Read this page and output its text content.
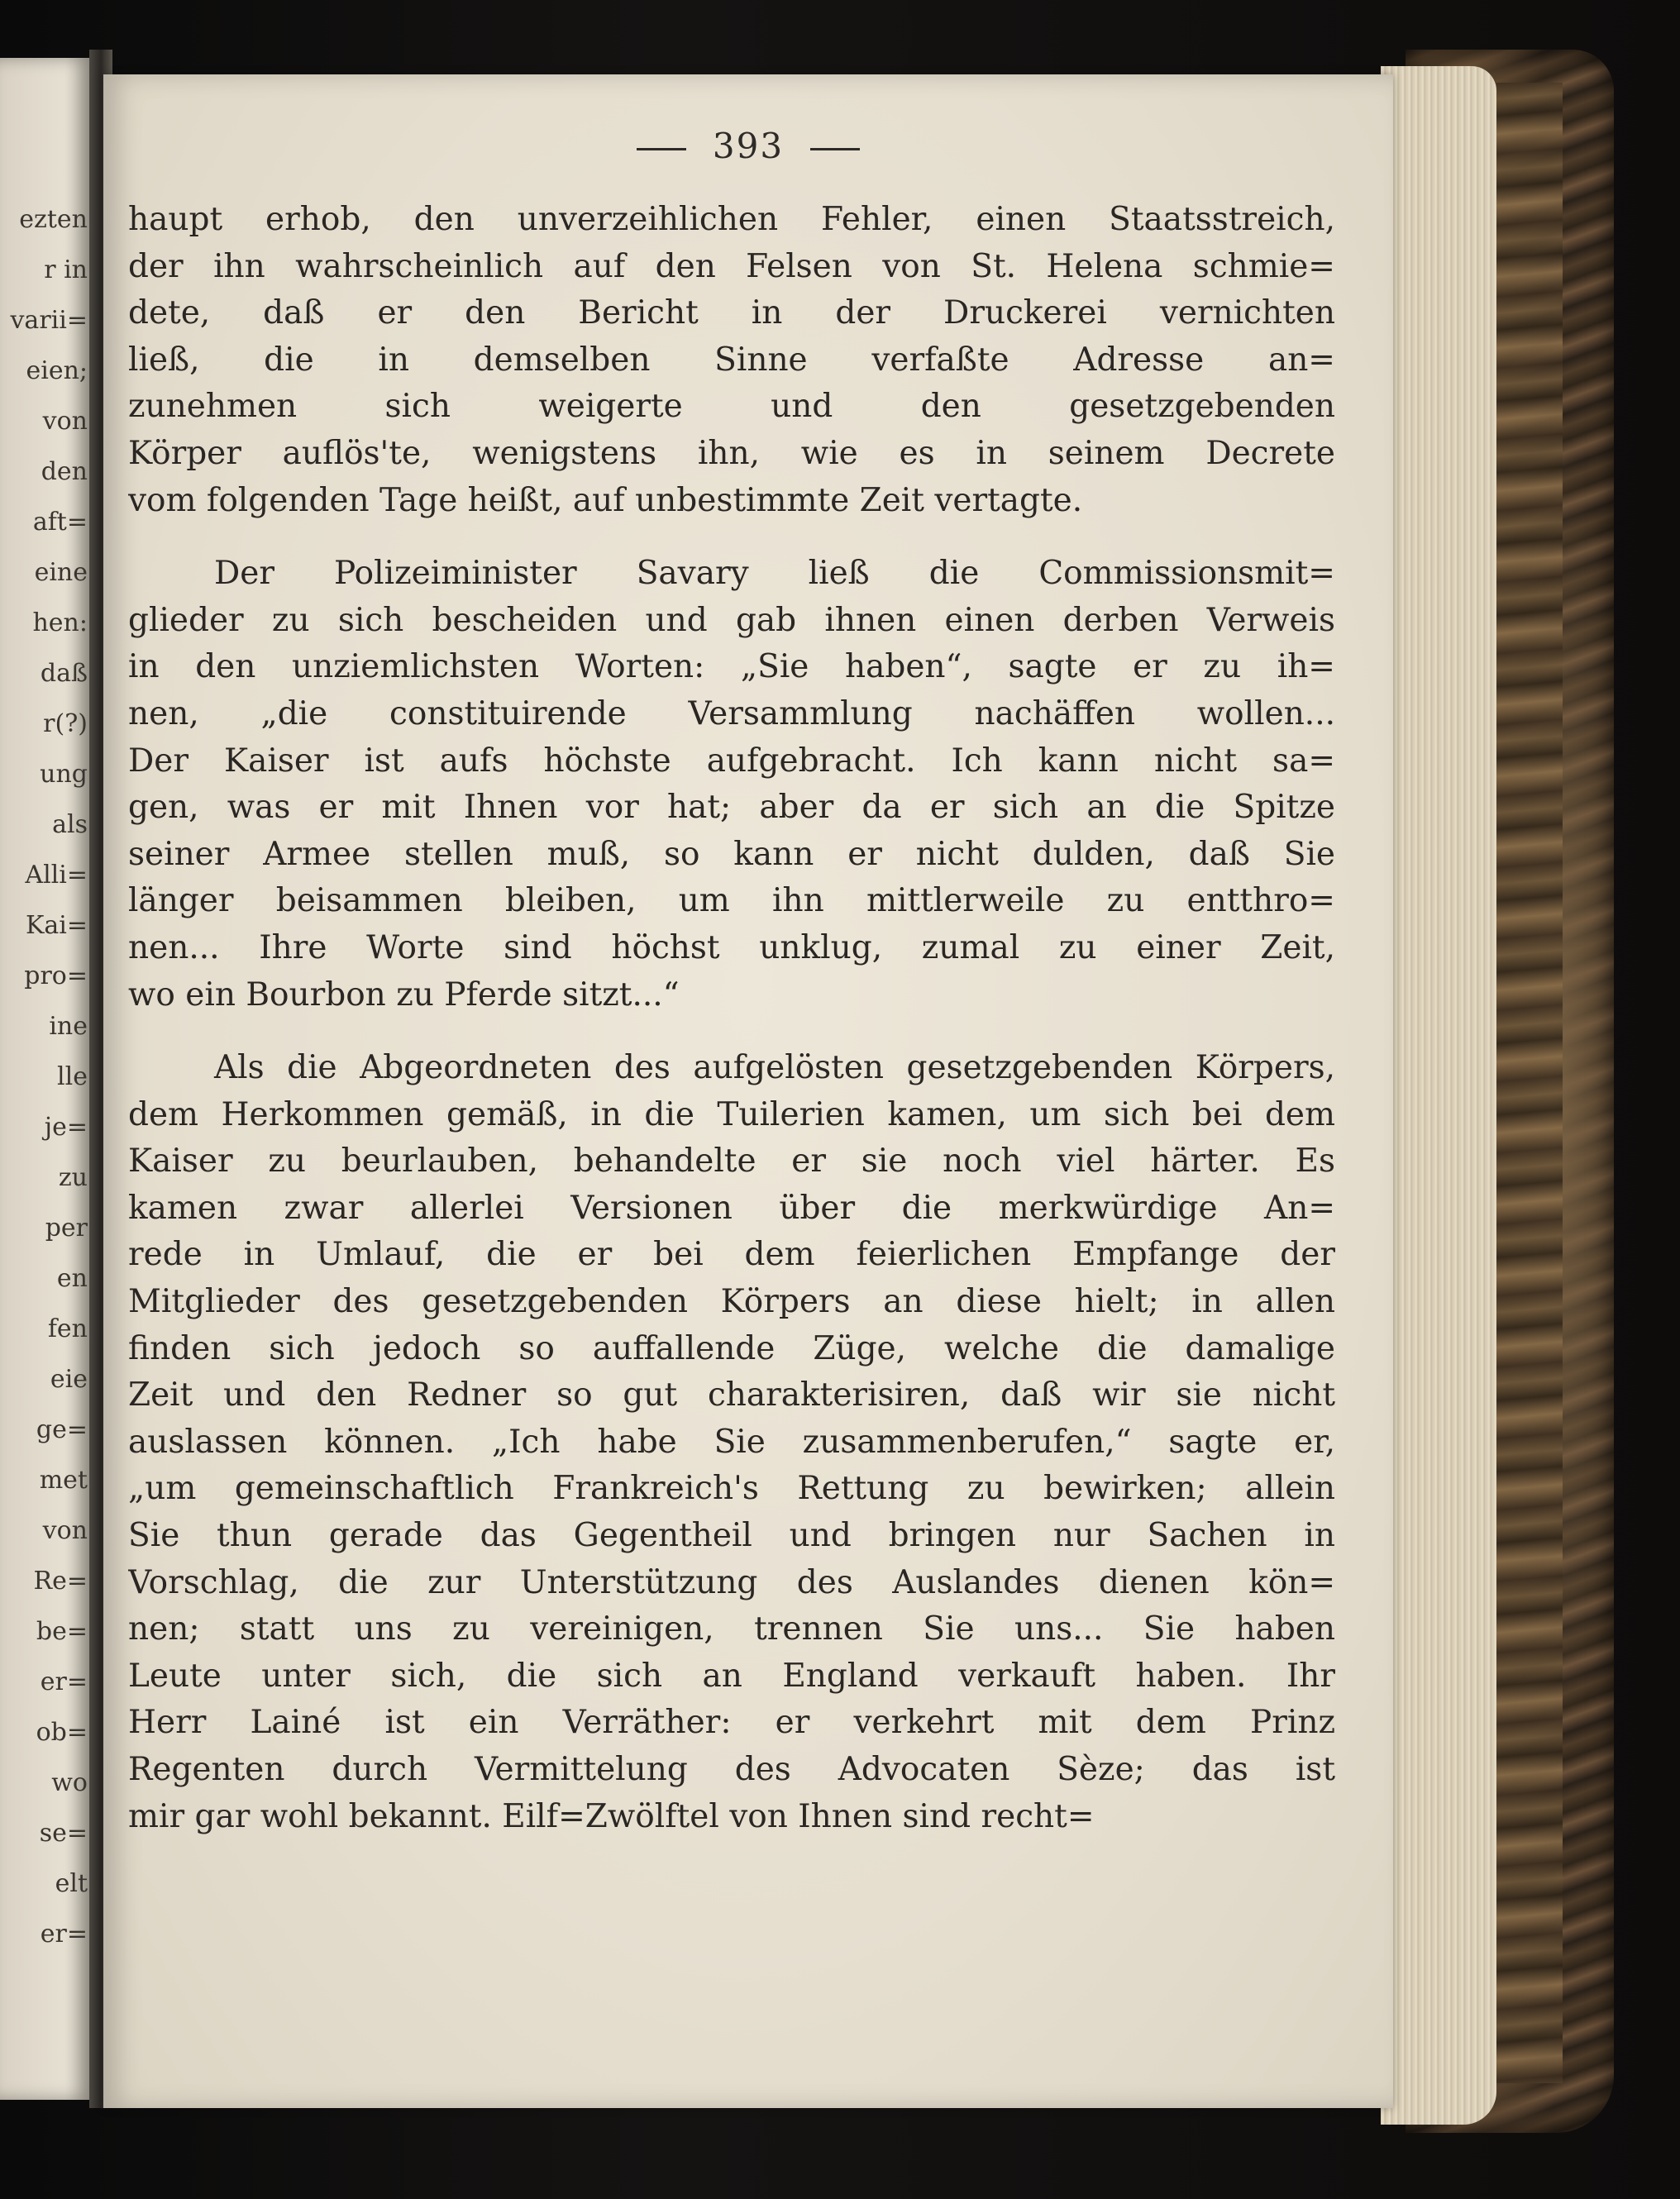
ezten
r in
varii=
eien;
von
den
aft=
eine
hen:
daß
r(?)
ung
als
Alli=
Kai=
pro=
ine
lle
je=
zu
per
en
fen
eie
ge=
met
von
Re=
be=
er=
ob=
wo
se=
elt
er=
393
haupt erhob, den unverzeihlichen Fehler, einen Staatsstreich,
der ihn wahrscheinlich auf den Felsen von St. Helena schmie=
dete, daß er den Bericht in der Druckerei vernichten
ließ, die in demselben Sinne verfaßte Adresse an=
zunehmen sich weigerte und den gesetzgebenden
Körper auflös'te, wenigstens ihn, wie es in seinem Decrete
vom folgenden Tage heißt, auf unbestimmte Zeit vertagte.
Der Polizeiminister Savary ließ die Commissionsmit=
glieder zu sich bescheiden und gab ihnen einen derben Verweis
in den unziemlichsten Worten: „Sie haben“, sagte er zu ih=
nen, „die constituirende Versammlung nachäffen wollen...
Der Kaiser ist aufs höchste aufgebracht. Ich kann nicht sa=
gen, was er mit Ihnen vor hat; aber da er sich an die Spitze
seiner Armee stellen muß, so kann er nicht dulden, daß Sie
länger beisammen bleiben, um ihn mittlerweile zu entthro=
nen... Ihre Worte sind höchst unklug, zumal zu einer Zeit,
wo ein Bourbon zu Pferde sitzt...“
Als die Abgeordneten des aufgelösten gesetzgebenden Körpers,
dem Herkommen gemäß, in die Tuilerien kamen, um sich bei dem
Kaiser zu beurlauben, behandelte er sie noch viel härter. Es
kamen zwar allerlei Versionen über die merkwürdige An=
rede in Umlauf, die er bei dem feierlichen Empfange der
Mitglieder des gesetzgebenden Körpers an diese hielt; in allen
finden sich jedoch so auffallende Züge, welche die damalige
Zeit und den Redner so gut charakterisiren, daß wir sie nicht
auslassen können. „Ich habe Sie zusammenberufen,“ sagte er,
„um gemeinschaftlich Frankreich's Rettung zu bewirken; allein
Sie thun gerade das Gegentheil und bringen nur Sachen in
Vorschlag, die zur Unterstützung des Auslandes dienen kön=
nen; statt uns zu vereinigen, trennen Sie uns... Sie haben
Leute unter sich, die sich an England verkauft haben. Ihr
Herr Lainé ist ein Verräther: er verkehrt mit dem Prinz
Regenten durch Vermittelung des Advocaten Sèze; das ist
mir gar wohl bekannt. Eilf=Zwölftel von Ihnen sind recht=
